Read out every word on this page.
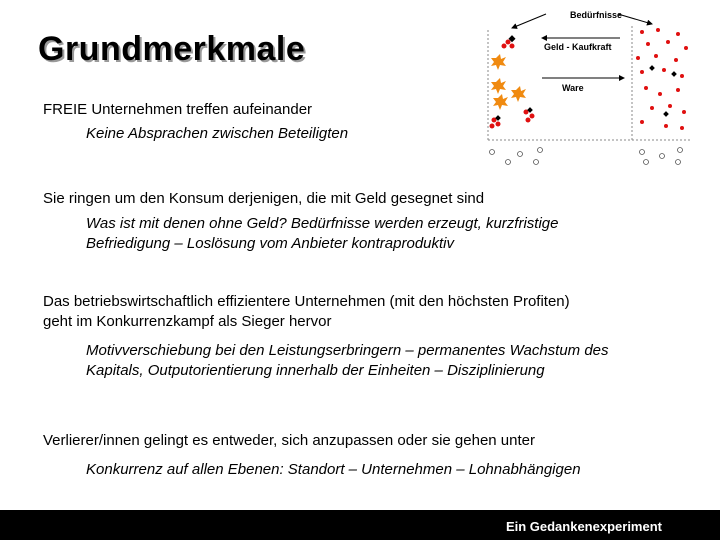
Grundmerkmale
Bedürfnisse
Geld - Kaufkraft
Ware
FREIE Unternehmen treffen aufeinander
Keine Absprachen zwischen Beteiligten
Sie ringen um den Konsum derjenigen, die mit Geld gesegnet sind
Was ist mit denen ohne Geld? Bedürfnisse werden erzeugt, kurzfristige
Befriedigung – Loslösung vom Anbieter kontraproduktiv
Das betriebswirtschaftlich effizientere Unternehmen (mit den höchsten Profiten)
geht im Konkurrenzkampf als Sieger hervor
Motivverschiebung bei den Leistungserbringern – permanentes Wachstum des
Kapitals, Outputorientierung innerhalb der Einheiten – Disziplinierung
Verlierer/innen gelingt es entweder, sich anzupassen oder sie gehen unter
Konkurrenz auf allen Ebenen: Standort – Unternehmen – Lohnabhängigen
Ein Gedankenexperiment
